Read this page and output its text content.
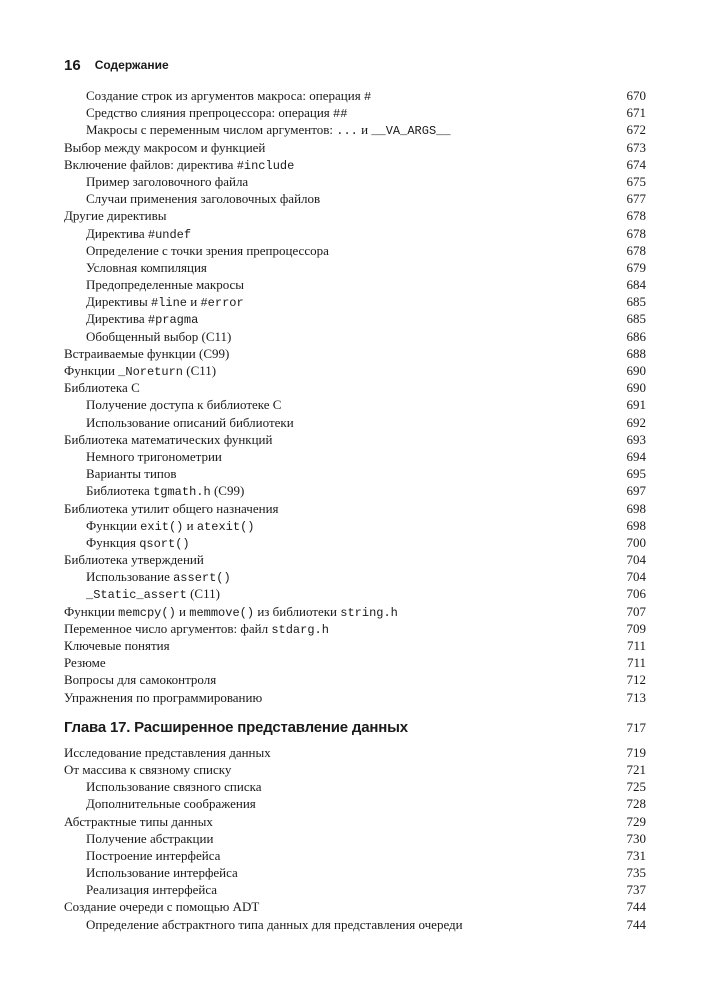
16 Содержание
Создание строк из аргументов макроса: операция #	670
Средство слияния препроцессора: операция ##	671
Макросы с переменным числом аргументов: ... и __VA_ARGS__	672
Выбор между макросом и функцией	673
Включение файлов: директива #include	674
Пример заголовочного файла	675
Случаи применения заголовочных файлов	677
Другие директивы	678
Директива #undef	678
Определение с точки зрения препроцессора	678
Условная компиляция	679
Предопределенные макросы	684
Директивы #line и #error	685
Директива #pragma	685
Обобщенный выбор (C11)	686
Встраиваемые функции (C99)	688
Функции _Noreturn (C11)	690
Библиотека C	690
Получение доступа к библиотеке C	691
Использование описаний библиотеки	692
Библиотека математических функций	693
Немного тригонометрии	694
Варианты типов	695
Библиотека tgmath.h (C99)	697
Библиотека утилит общего назначения	698
Функции exit() и atexit()	698
Функция qsort()	700
Библиотека утверждений	704
Использование assert()	704
_Static_assert (C11)	706
Функции memcpy() и memmove() из библиотеки string.h	707
Переменное число аргументов: файл stdarg.h	709
Ключевые понятия	711
Резюме	711
Вопросы для самоконтроля	712
Упражнения по программированию	713
Глава 17. Расширенное представление данных	717
Исследование представления данных	719
От массива к связному списку	721
Использование связного списка	725
Дополнительные соображения	728
Абстрактные типы данных	729
Получение абстракции	730
Построение интерфейса	731
Использование интерфейса	735
Реализация интерфейса	737
Создание очереди с помощью ADT	744
Определение абстрактного типа данных для представления очереди	744
